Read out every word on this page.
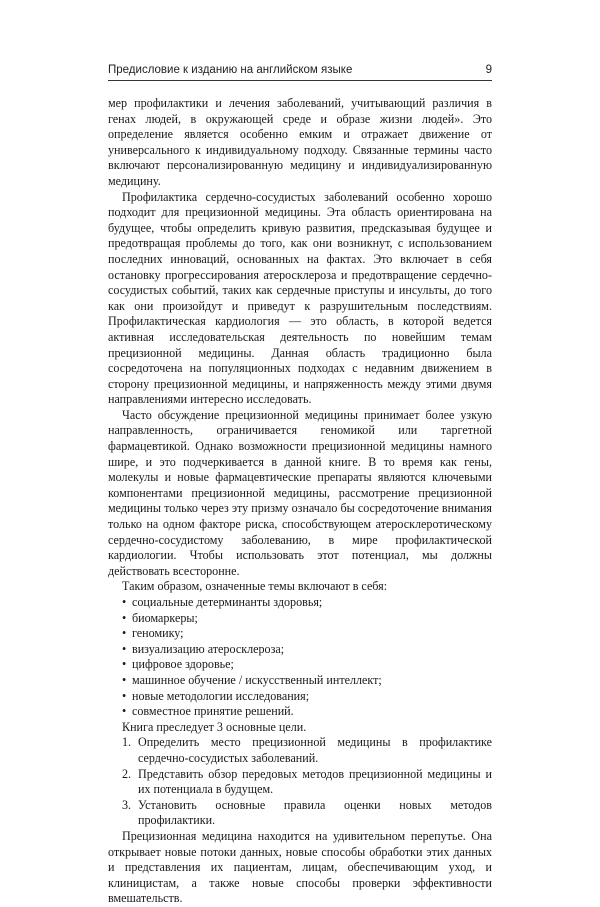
Предисловие к изданию на английском языке	9

мер профилактики и лечения заболеваний, учитывающий различия в генах людей, в окружающей среде и образе жизни людей». Это определение является особенно емким и отражает движение от универсального к индивидуальному подходу. Связанные термины часто включают персонализированную медицину и индивидуализированную медицину.

Профилактика сердечно-сосудистых заболеваний особенно хорошо подходит для прецизионной медицины. Эта область ориентирована на будущее, чтобы определить кривую развития, предсказывая будущее и предотвращая проблемы до того, как они возникнут, с использованием последних инноваций, основанных на фактах. Это включает в себя остановку прогрессирования атеросклероза и предотвращение сердечно-сосудистых событий, таких как сердечные приступы и инсульты, до того как они произойдут и приведут к разрушительным последствиям. Профилактическая кардиология — это область, в которой ведется активная исследовательская деятельность по новейшим темам прецизионной медицины. Данная область традиционно была сосредоточена на популяционных подходах с недавним движением в сторону прецизионной медицины, и напряженность между этими двумя направлениями интересно исследовать.

Часто обсуждение прецизионной медицины принимает более узкую направленность, ограничивается геномикой или таргетной фармацевтикой. Однако возможности прецизионной медицины намного шире, и это подчеркивается в данной книге. В то время как гены, молекулы и новые фармацевтические препараты являются ключевыми компонентами прецизионной медицины, рассмотрение прецизионной медицины только через эту призму означало бы сосредоточение внимания только на одном факторе риска, способствующем атеросклеротическому сердечно-сосудистому заболеванию, в мире профилактической кардиологии. Чтобы использовать этот потенциал, мы должны действовать всесторонне.

Таким образом, означенные темы включают в себя:

• социальные детерминанты здоровья;
• биомаркеры;
• геномику;
• визуализацию атеросклероза;
• цифровое здоровье;
• машинное обучение / искусственный интеллект;
• новые методологии исследования;
• совместное принятие решений.

Книга преследует 3 основные цели.

1. Определить место прецизионной медицины в профилактике сердечно-сосудистых заболеваний.
2. Представить обзор передовых методов прецизионной медицины и их потенциала в будущем.
3. Установить основные правила оценки новых методов профилактики.

Прецизионная медицина находится на удивительном перепутье. Она открывает новые потоки данных, новые способы обработки этих данных и представления их пациентам, лицам, обеспечивающим уход, и клиницистам, а также новые способы проверки эффективности вмешательств.
